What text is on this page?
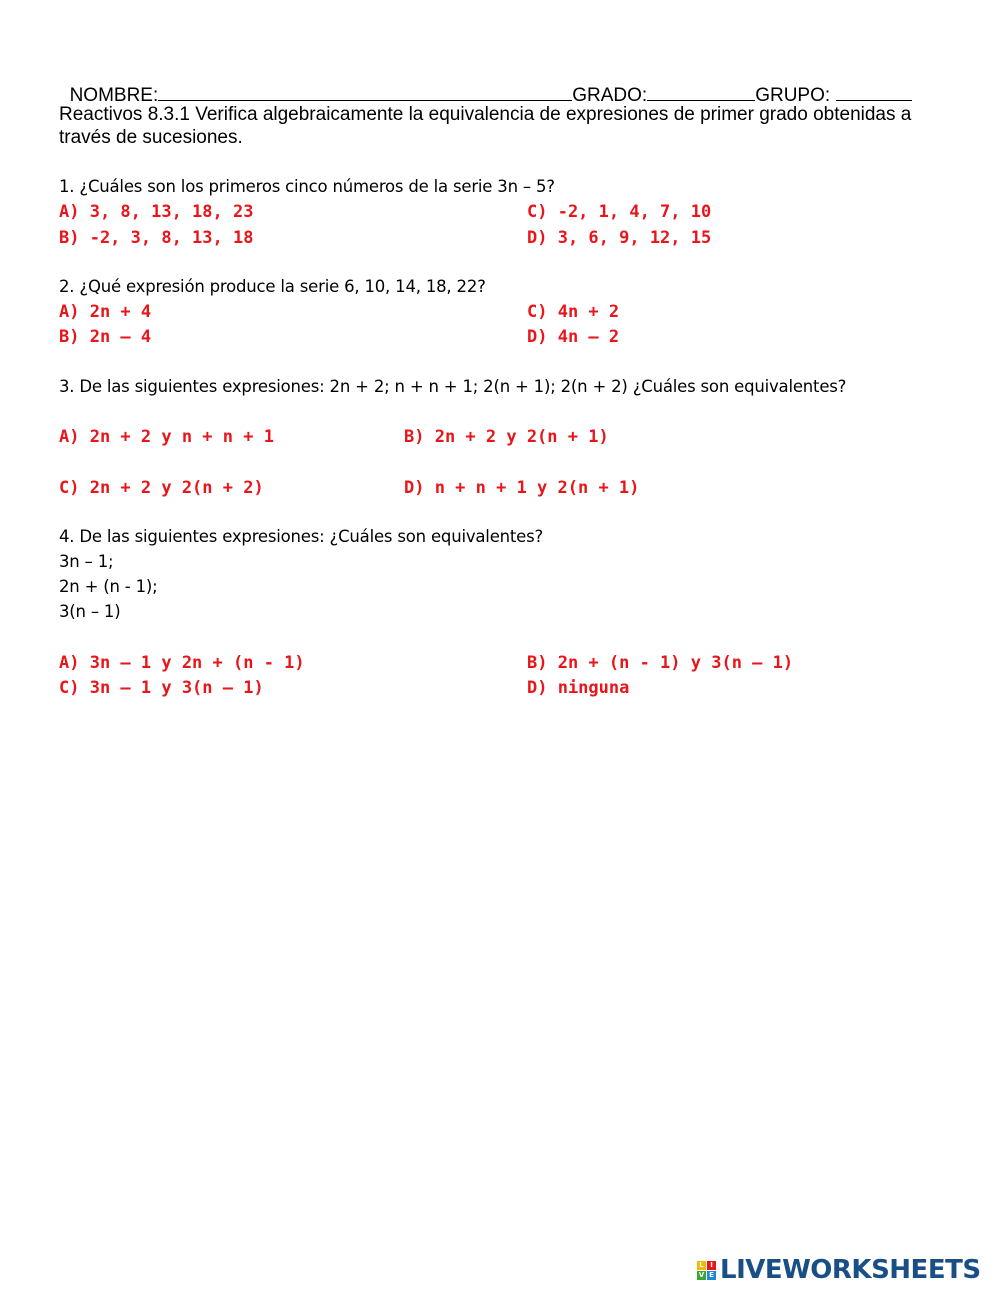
NOMBRE:	GRADO:	GRUPO:

Reactivos 8.3.1 Verifica algebraicamente la equivalencia de expresiones de primer grado obtenidas a
través de sucesiones.
1. ¿Cuáles son los primeros cinco números de la serie 3n – 5?
A) 3, 8, 13, 18, 23	C) -2, 1, 4, 7, 10
B) -2, 3, 8, 13, 18	D) 3, 6, 9, 12, 15
2. ¿Qué expresión produce la serie 6, 10, 14, 18, 22?
A) 2n + 4	C) 4n + 2
B) 2n – 4	D) 4n – 2
3. De las siguientes expresiones: 2n + 2; n + n + 1; 2(n + 1); 2(n + 2) ¿Cuáles son equivalentes?
A) 2n + 2 y n + n + 1	B) 2n + 2 y 2(n + 1)
C) 2n + 2 y 2(n + 2)	D) n + n + 1 y 2(n + 1)
4. De las siguientes expresiones: ¿Cuáles son equivalentes?
3n – 1;
2n + (n - 1);
3(n – 1)
A) 3n – 1 y 2n + (n - 1)	B) 2n + (n - 1) y 3(n – 1)
C) 3n – 1 y 3(n – 1)	D) ninguna
L I
V E LIVEWORKSHEETS
